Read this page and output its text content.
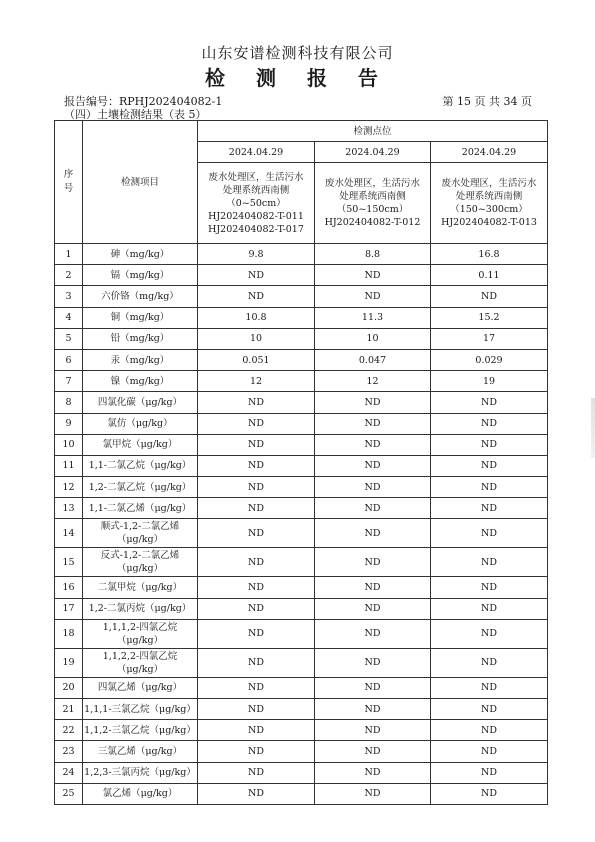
山东安谱检测科技有限公司
检 测 报 告
报告编号：RPHJ202404082-1	第 15 页 共 34 页
（四）土壤检测结果（表 5）
序号	检测项目	检测点位		
		2024.04.29	2024.04.29	2024.04.29

		废水处理区，生活污水
处理系统西南侧
（0~50cm）
HJ202404082-T-011
HJ202404082-T-017	废水处理区，生活污水
处理系统西南侧
（50~150cm）
HJ202404082-T-012	废水处理区，生活污水
处理系统西南侧
（150~300cm）
HJ202404082-T-013

1	砷（mg/kg）	9.8	8.8	16.8
2	镉（mg/kg）	ND	ND	0.11
3	六价铬（mg/kg）	ND	ND	ND
4	铜（mg/kg）	10.8	11.3	15.2
5	铅（mg/kg）	10	10	17
6	汞（mg/kg）	0.051	0.047	0.029
7	镍（mg/kg）	12	12	19
8	四氯化碳（μg/kg）	ND	ND	ND
9	氯仿（μg/kg）	ND	ND	ND
10	氯甲烷（μg/kg）	ND	ND	ND
11	1,1-二氯乙烷（μg/kg）	ND	ND	ND
12	1,2-二氯乙烷（μg/kg）	ND	ND	ND
13	1,1-二氯乙烯（μg/kg）	ND	ND	ND
14	顺式-1,2-二氯乙烯
（μg/kg）	ND	ND	ND
15	反式-1,2-二氯乙烯
（μg/kg）	ND	ND	ND
16	二氯甲烷（μg/kg）	ND	ND	ND
17	1,2-二氯丙烷（μg/kg）	ND	ND	ND
18	1,1,1,2-四氯乙烷
（μg/kg）	ND	ND	ND
19	1,1,2,2-四氯乙烷
（μg/kg）	ND	ND	ND
20	四氯乙烯（μg/kg）	ND	ND	ND
21	1,1,1-三氯乙烷（μg/kg）	ND	ND	ND
22	1,1,2-三氯乙烷（μg/kg）	ND	ND	ND
23	三氯乙烯（μg/kg）	ND	ND	ND
24	1,2,3-三氯丙烷（μg/kg）	ND	ND	ND
25	氯乙烯（μg/kg）	ND	ND	ND
